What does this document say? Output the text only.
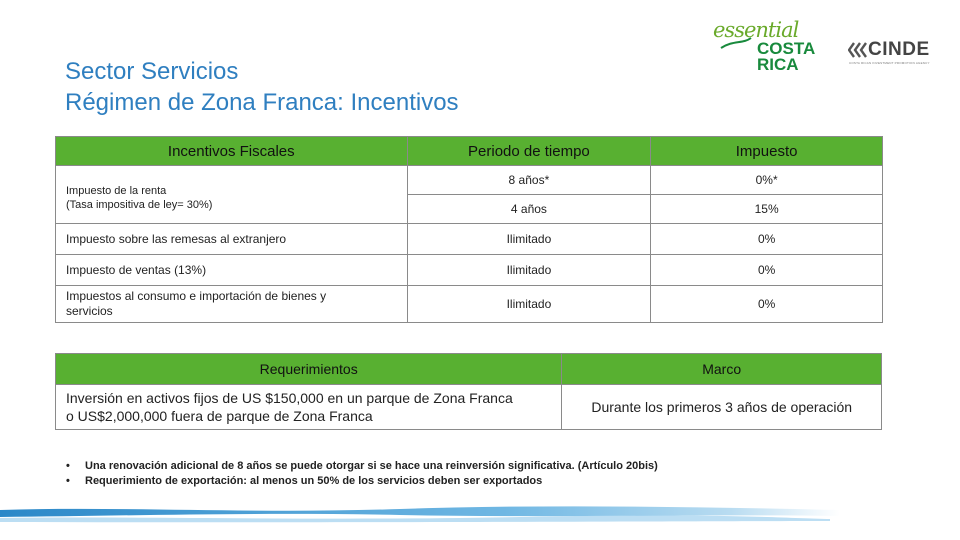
Sector Servicios
Régimen de Zona Franca: Incentivos
essential
COSTA
RICA
CINDE
COSTA RICAN INVESTMENT PROMOTION AGENCY
Incentivos Fiscales	Periodo de tiempo	Impuesto

Impuesto de la renta
(Tasa impositiva de ley= 30%)	8 años*	0%*
	4 años	15%
Impuesto sobre las remesas al extranjero	Ilimitado	0%
Impuesto de ventas (13%)	Ilimitado	0%

Impuestos al consumo e importación de bienes y
servicios	Ilimitado	0%
Requerimientos	Marco

Inversión en activos fijos de US $150,000 en un parque de Zona Franca
o US$2,000,000 fuera de parque de Zona Franca	Durante los primeros 3 años de operación
• Una renovación adicional de 8 años se puede otorgar si se hace una reinversión significativa. (Artículo 20bis)
• Requerimiento de exportación: al menos un 50% de los servicios deben ser exportados
